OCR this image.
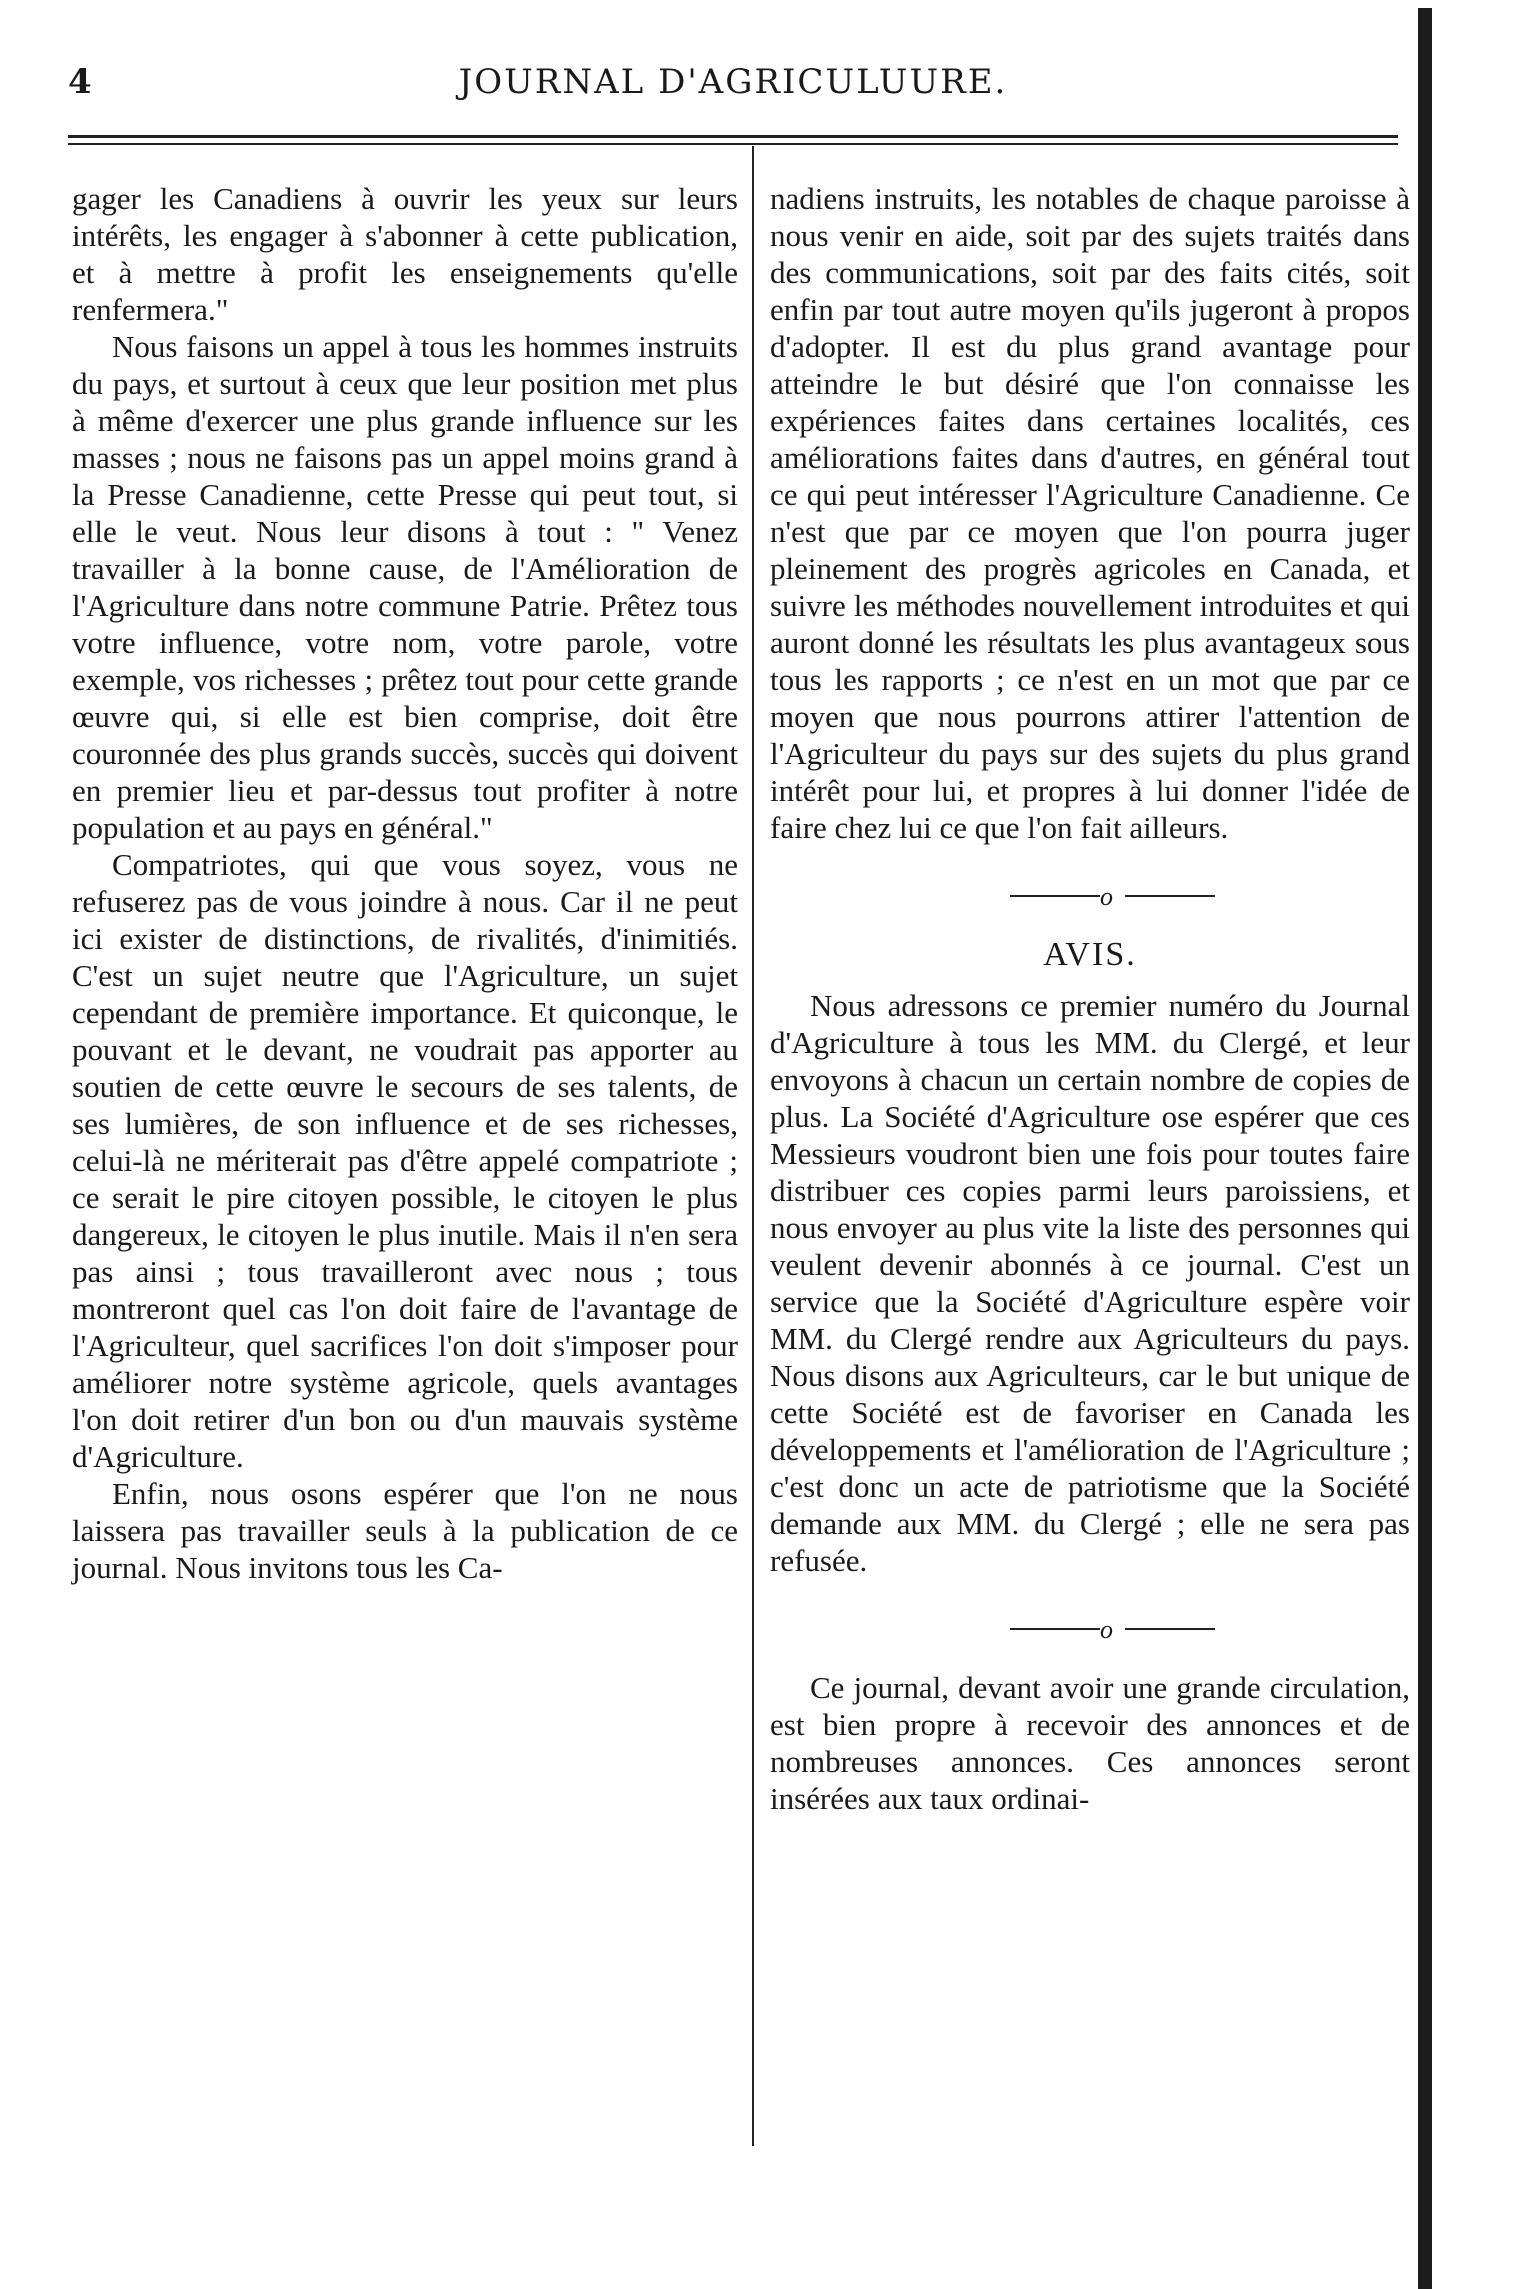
4	JOURNAL D'AGRICULUURE.

gager les Canadiens à ouvrir les yeux sur leurs intérêts, les engager à s'abonner à cette publication, et à mettre à profit les enseignements qu'elle renfermera."

Nous faisons un appel à tous les hommes instruits du pays, et surtout à ceux que leur position met plus à même d'exercer une plus grande influence sur les masses ; nous ne faisons pas un appel moins grand à la Presse Canadienne, cette Presse qui peut tout, si elle le veut. Nous leur disons à tout : " Venez travailler à la bonne cause, de l'Amélioration de l'Agriculture dans notre commune Patrie. Prêtez tous votre influence, votre nom, votre parole, votre exemple, vos richesses ; prêtez tout pour cette grande œuvre qui, si elle est bien comprise, doit être couronnée des plus grands succès, succès qui doivent en premier lieu et par-dessus tout profiter à notre population et au pays en général."

Compatriotes, qui que vous soyez, vous ne refuserez pas de vous joindre à nous. Car il ne peut ici exister de distinctions, de rivalités, d'inimitiés. C'est un sujet neutre que l'Agriculture, un sujet cependant de première importance. Et quiconque, le pouvant et le devant, ne voudrait pas apporter au soutien de cette œuvre le secours de ses talents, de ses lumières, de son influence et de ses richesses, celui-là ne mériterait pas d'être appelé compatriote ; ce serait le pire citoyen possible, le citoyen le plus dangereux, le citoyen le plus inutile. Mais il n'en sera pas ainsi ; tous travailleront avec nous ; tous montreront quel cas l'on doit faire de l'avantage de l'Agriculteur, quel sacrifices l'on doit s'imposer pour améliorer notre système agricole, quels avantages l'on doit retirer d'un bon ou d'un mauvais système d'Agriculture.

Enfin, nous osons espérer que l'on ne nous laissera pas travailler seuls à la publication de ce journal. Nous invitons tous les Ca-

nadiens instruits, les notables de chaque paroisse à nous venir en aide, soit par des sujets traités dans des communications, soit par des faits cités, soit enfin par tout autre moyen qu'ils jugeront à propos d'adopter. Il est du plus grand avantage pour atteindre le but désiré que l'on connaisse les expériences faites dans certaines localités, ces améliorations faites dans d'autres, en général tout ce qui peut intéresser l'Agriculture Canadienne. Ce n'est que par ce moyen que l'on pourra juger pleinement des progrès agricoles en Canada, et suivre les méthodes nouvellement introduites et qui auront donné les résultats les plus avantageux sous tous les rapports ; ce n'est en un mot que par ce moyen que nous pourrons attirer l'attention de l'Agriculteur du pays sur des sujets du plus grand intérêt pour lui, et propres à lui donner l'idée de faire chez lui ce que l'on fait ailleurs.

o
AVIS.

Nous adressons ce premier numéro du Journal d'Agriculture à tous les MM. du Clergé, et leur envoyons à chacun un certain nombre de copies de plus. La Société d'Agriculture ose espérer que ces Messieurs voudront bien une fois pour toutes faire distribuer ces copies parmi leurs paroissiens, et nous envoyer au plus vite la liste des personnes qui veulent devenir abonnés à ce journal. C'est un service que la Société d'Agriculture espère voir MM. du Clergé rendre aux Agriculteurs du pays. Nous disons aux Agriculteurs, car le but unique de cette Société est de favoriser en Canada les développements et l'amélioration de l'Agriculture ; c'est donc un acte de patriotisme que la Société demande aux MM. du Clergé ; elle ne sera pas refusée.

o

Ce journal, devant avoir une grande circulation, est bien propre à recevoir des annonces et de nombreuses annonces. Ces annonces seront insérées aux taux ordinai-
